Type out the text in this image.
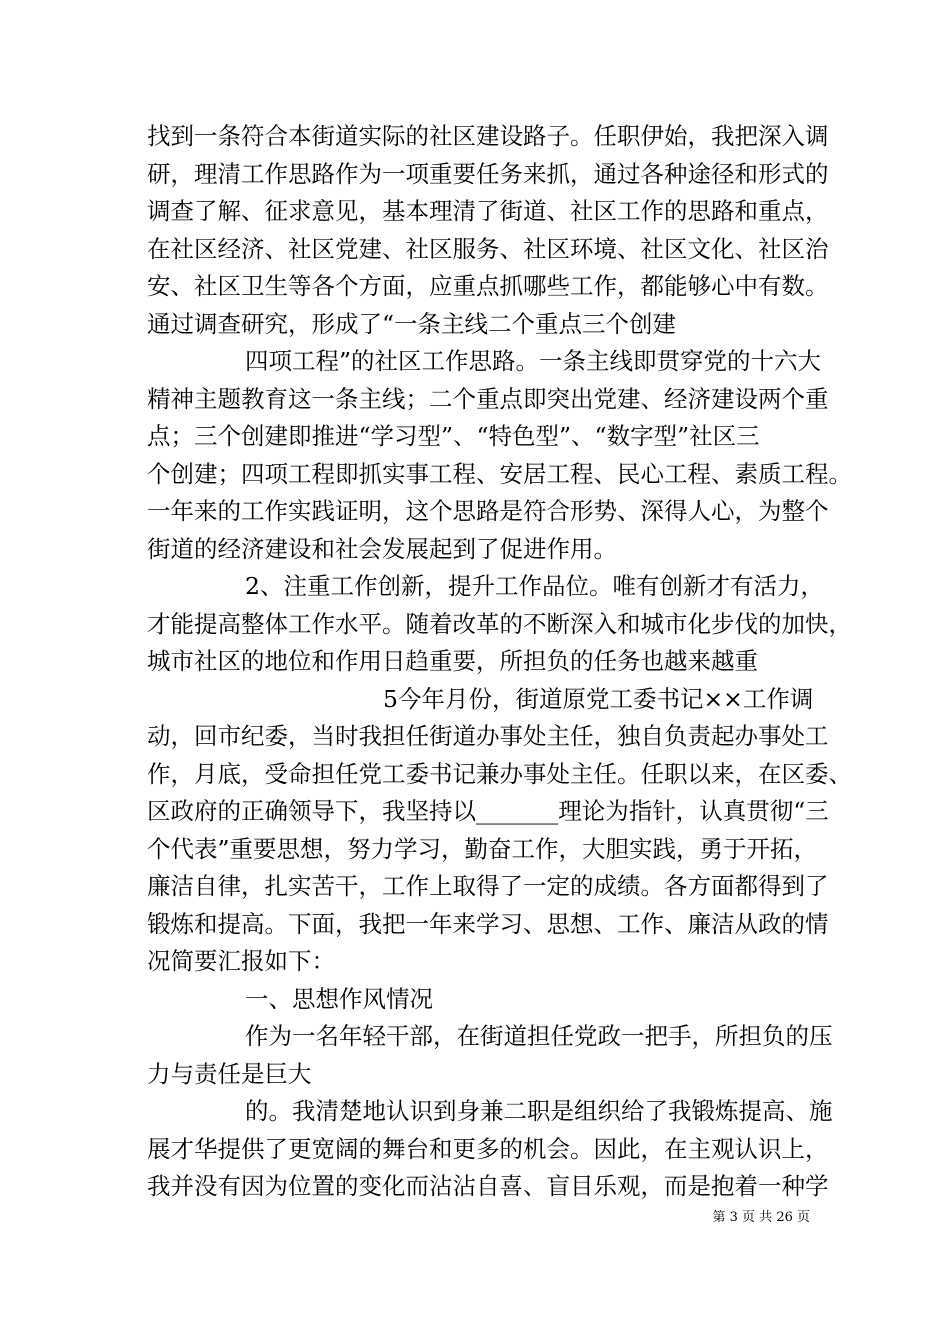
找到一条符合本街道实际的社区建设路子。任职伊始，我把深入调
研，理清工作思路作为一项重要任务来抓，通过各种途径和形式的
调查了解、征求意见，基本理清了街道、社区工作的思路和重点，
在社区经济、社区党建、社区服务、社区环境、社区文化、社区治
安、社区卫生等各个方面，应重点抓哪些工作，都能够心中有数。
通过调查研究，形成了“一条主线二个重点三个创建
四项工程”的社区工作思路。一条主线即贯穿党的十六大
精神主题教育这一条主线；二个重点即突出党建、经济建设两个重
点；三个创建即推进“学习型”、“特色型”、“数字型”社区三
个创建；四项工程即抓实事工程、安居工程、民心工程、素质工程。
一年来的工作实践证明，这个思路是符合形势、深得人心，为整个
街道的经济建设和社会发展起到了促进作用。
2、注重工作创新，提升工作品位。唯有创新才有活力，
才能提高整体工作水平。随着改革的不断深入和城市化步伐的加快，
城市社区的地位和作用日趋重要，所担负的任务也越来越重
5今年月份，街道原党工委书记××工作调
动，回市纪委，当时我担任街道办事处主任，独自负责起办事处工
作，月底，受命担任党工委书记兼办事处主任。任职以来，在区委、
区政府的正确领导下，我坚持以_______理论为指针，认真贯彻“三
个代表”重要思想，努力学习，勤奋工作，大胆实践，勇于开拓，
廉洁自律，扎实苦干，工作上取得了一定的成绩。各方面都得到了
锻炼和提高。下面，我把一年来学习、思想、工作、廉洁从政的情
况简要汇报如下：
一、思想作风情况
作为一名年轻干部，在街道担任党政一把手，所担负的压
力与责任是巨大
的。我清楚地认识到身兼二职是组织给了我锻炼提高、施
展才华提供了更宽阔的舞台和更多的机会。因此，在主观认识上，
我并没有因为位置的变化而沾沾自喜、盲目乐观，而是抱着一种学
第 3 页 共 26 页
